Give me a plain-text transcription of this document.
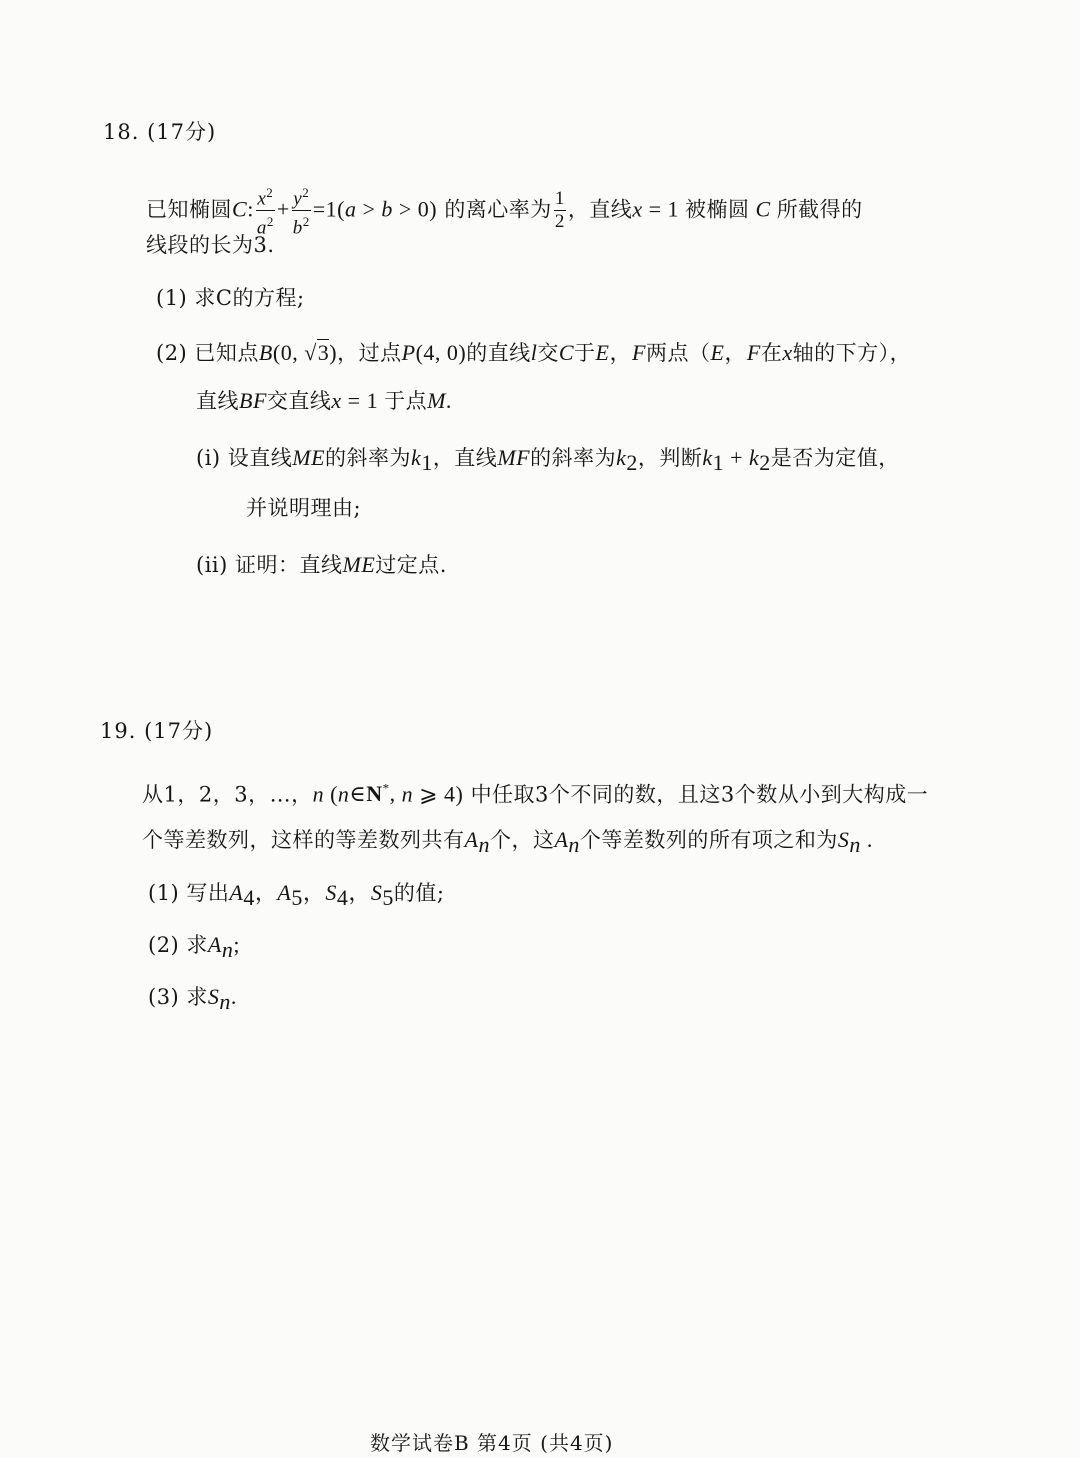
18. (17分)
已知椭圆C: $\frac{x^2}{a^2} + \frac{y^2}{b^2} =1(a > b > 0)$ 的离心率为 $\frac{1}{2}$ ，直线x = 1 被椭圆 C 所截得的
线段的长为3.
(1) 求C的方程;
(2) 已知点B(0, √3)，过点P(4, 0)的直线l交C于E，F两点（E，F在x轴的下方），
直线BF交直线x = 1 于点M.
(i) 设直线ME的斜率为$k_1$，直线MF的斜率为$k_2$，判断$k_1 + k_2$是否为定值，
并说明理由;
(ii) 证明：直线ME过定点.
19. (17分)
从1，2，3，…，n (n∈N*, n ⩾ 4) 中任取3个不同的数，且这3个数从小到大构成一
个等差数列，这样的等差数列共有$A_n$个，这$A_n$个等差数列的所有项之和为$S_n$ .
(1) 写出$A_4$，$A_5$，$S_4$，$S_5$的值;
(2) 求$A_n$;
(3) 求$S_n$.
数学试卷B 第4页 (共4页)
